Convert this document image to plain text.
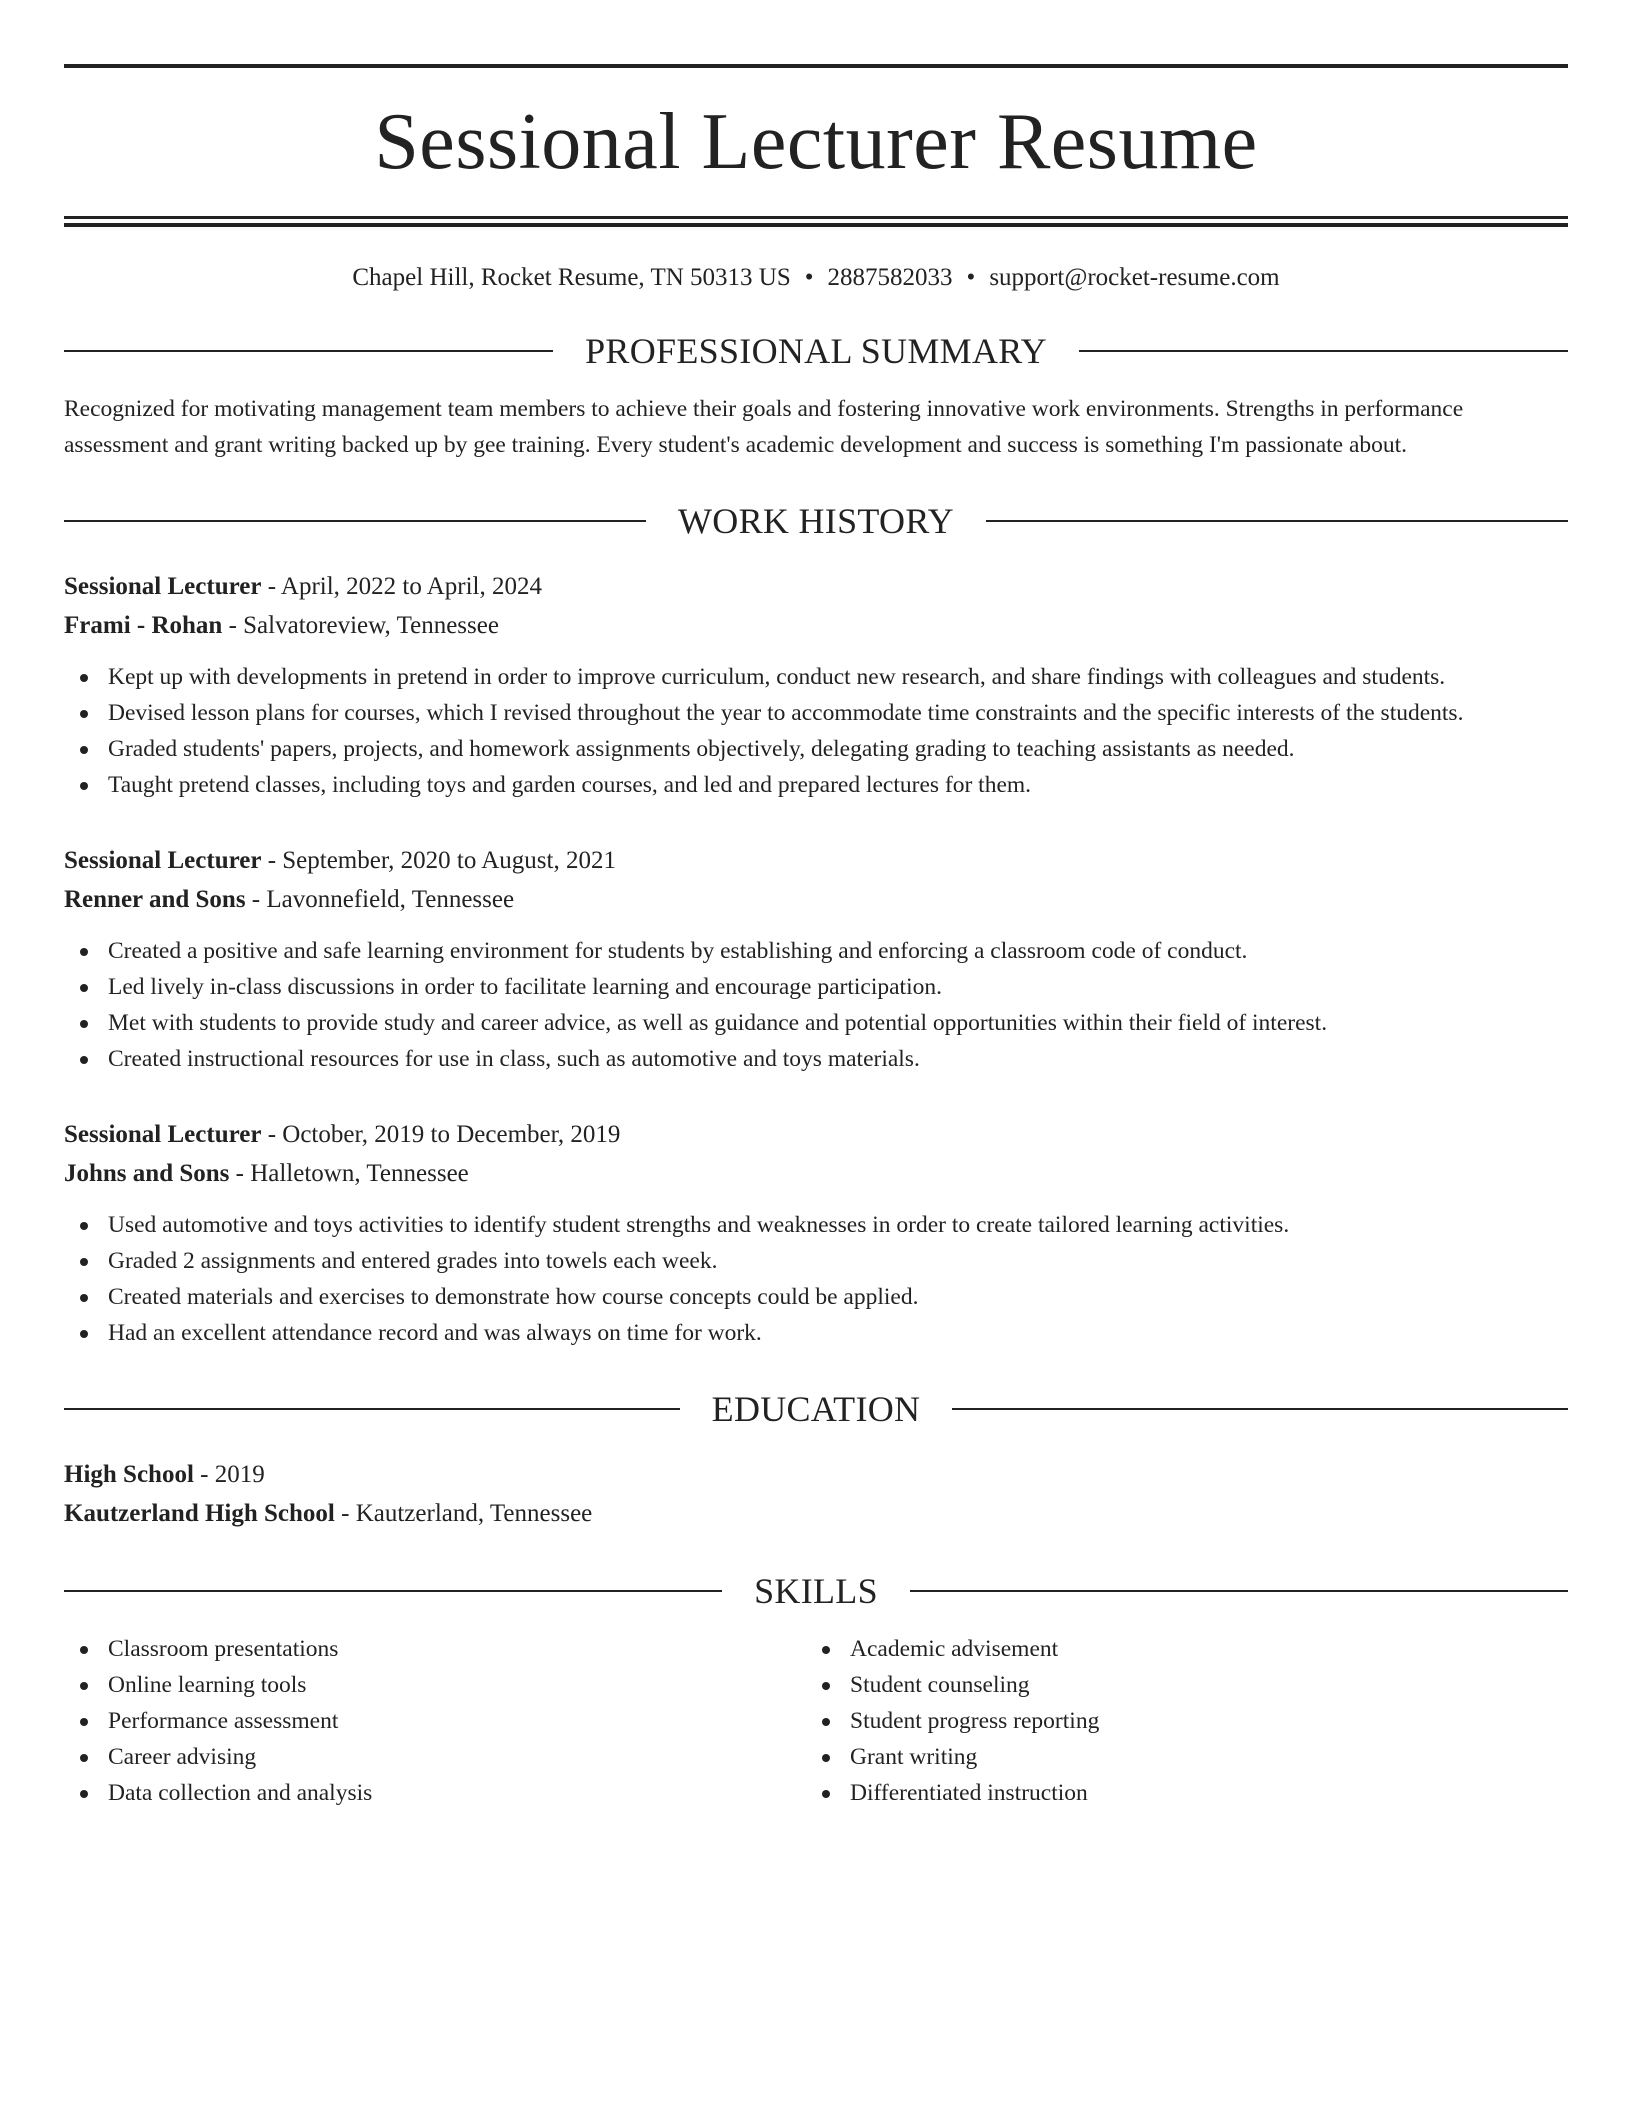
Sessional Lecturer Resume
Chapel Hill, Rocket Resume, TN 50313 US • 2887582033 • support@rocket-resume.com
PROFESSIONAL SUMMARY
Recognized for motivating management team members to achieve their goals and fostering innovative work environments. Strengths in performance assessment and grant writing backed up by gee training. Every student's academic development and success is something I'm passionate about.
WORK HISTORY
Sessional Lecturer - April, 2022 to April, 2024
Frami - Rohan - Salvatoreview, Tennessee
Kept up with developments in pretend in order to improve curriculum, conduct new research, and share findings with colleagues and students.
Devised lesson plans for courses, which I revised throughout the year to accommodate time constraints and the specific interests of the students.
Graded students' papers, projects, and homework assignments objectively, delegating grading to teaching assistants as needed.
Taught pretend classes, including toys and garden courses, and led and prepared lectures for them.
Sessional Lecturer - September, 2020 to August, 2021
Renner and Sons - Lavonnefield, Tennessee
Created a positive and safe learning environment for students by establishing and enforcing a classroom code of conduct.
Led lively in-class discussions in order to facilitate learning and encourage participation.
Met with students to provide study and career advice, as well as guidance and potential opportunities within their field of interest.
Created instructional resources for use in class, such as automotive and toys materials.
Sessional Lecturer - October, 2019 to December, 2019
Johns and Sons - Halletown, Tennessee
Used automotive and toys activities to identify student strengths and weaknesses in order to create tailored learning activities.
Graded 2 assignments and entered grades into towels each week.
Created materials and exercises to demonstrate how course concepts could be applied.
Had an excellent attendance record and was always on time for work.
EDUCATION
High School - 2019
Kautzerland High School - Kautzerland, Tennessee
SKILLS
Classroom presentations
Online learning tools
Performance assessment
Career advising
Data collection and analysis
Academic advisement
Student counseling
Student progress reporting
Grant writing
Differentiated instruction
